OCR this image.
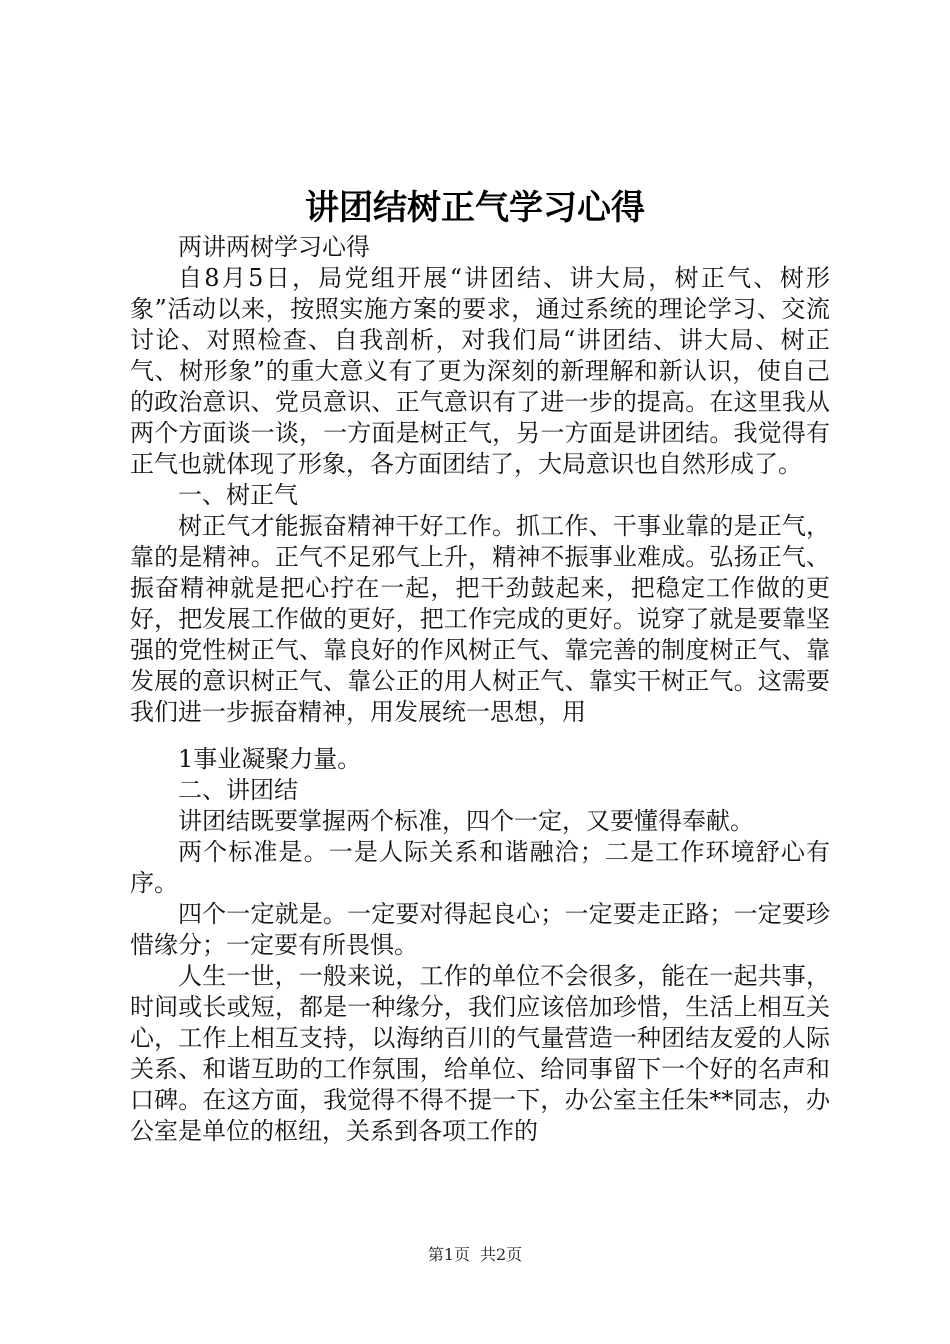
讲团结树正气学习心得

两讲两树学习心得

自8月5日，局党组开展“讲团结、讲大局，树正气、树形象”活动以来，按照实施方案的要求，通过系统的理论学习、交流讨论、对照检查、自我剖析，对我们局“讲团结、讲大局、树正气、树形象”的重大意义有了更为深刻的新理解和新认识，使自己的政治意识、党员意识、正气意识有了进一步的提高。在这里我从两个方面谈一谈，一方面是树正气，另一方面是讲团结。我觉得有正气也就体现了形象，各方面团结了，大局意识也自然形成了。

一、树正气

树正气才能振奋精神干好工作。抓工作、干事业靠的是正气，靠的是精神。正气不足邪气上升，精神不振事业难成。弘扬正气、振奋精神就是把心拧在一起，把干劲鼓起来，把稳定工作做的更好，把发展工作做的更好，把工作完成的更好。说穿了就是要靠坚强的党性树正气、靠良好的作风树正气、靠完善的制度树正气、靠发展的意识树正气、靠公正的用人树正气、靠实干树正气。这需要我们进一步振奋精神，用发展统一思想，用

1事业凝聚力量。

二、讲团结

讲团结既要掌握两个标准，四个一定，又要懂得奉献。

两个标准是。一是人际关系和谐融洽；二是工作环境舒心有序。

四个一定就是。一定要对得起良心；一定要走正路；一定要珍惜缘分；一定要有所畏惧。

人生一世，一般来说，工作的单位不会很多，能在一起共事，时间或长或短，都是一种缘分，我们应该倍加珍惜，生活上相互关心，工作上相互支持，以海纳百川的气量营造一种团结友爱的人际关系、和谐互助的工作氛围，给单位、给同事留下一个好的名声和口碑。在这方面，我觉得不得不提一下，办公室主任朱**同志，办公室是单位的枢纽，关系到各项工作的

第1页 共2页
